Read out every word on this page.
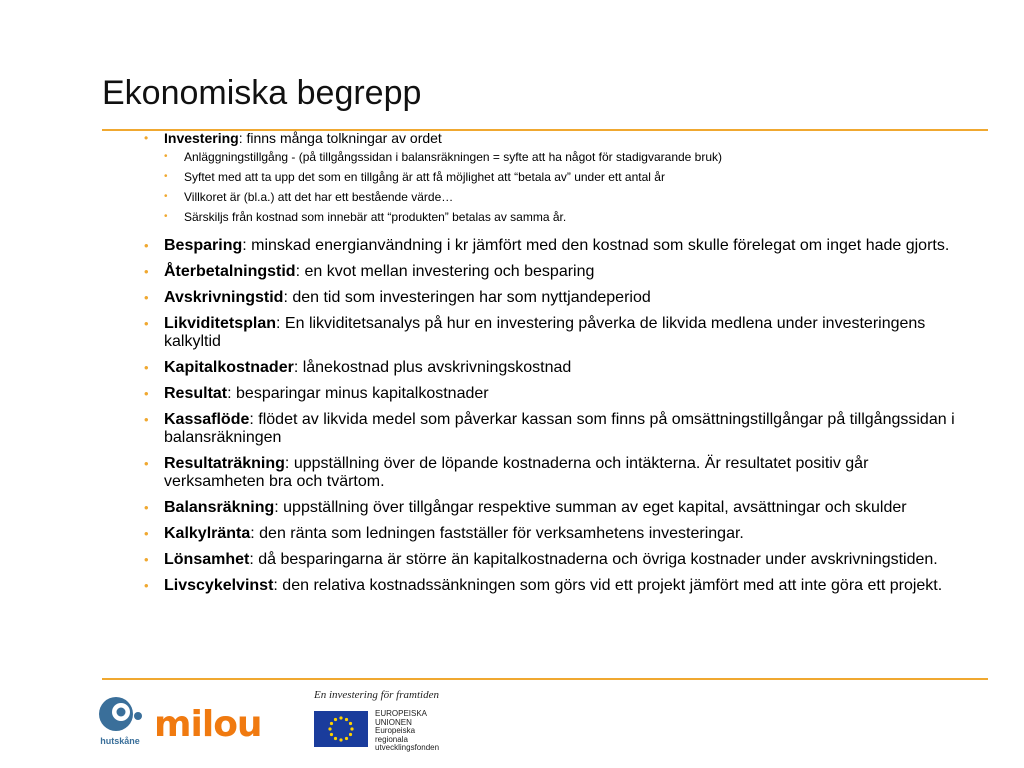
Ekonomiska begrepp
• Investering: finns många tolkningar av ordet
• Anläggningstillgång - (på tillgångssidan i balansräkningen = syfte att ha något för stadigvarande bruk)
• Syftet med att ta upp det som en tillgång är att få möjlighet att “betala av” under ett antal år
• Villkoret är (bl.a.) att det har ett bestående värde…
• Särskiljs från kostnad som innebär att “produkten” betalas av samma år.
• Besparing: minskad energianvändning i kr jämfört med den kostnad som skulle förelegat om inget hade gjorts.
• Återbetalningstid: en kvot mellan investering och besparing
• Avskrivningstid: den tid som investeringen har som nyttjandeperiod
• Likviditetsplan: En likviditetsanalys på hur en investering påverka de likvida medlena under investeringens kalkyltid
• Kapitalkostnader: lånekostnad plus avskrivningskostnad
• Resultat: besparingar minus kapitalkostnader
• Kassaflöde: flödet av likvida medel som påverkar kassan som finns på omsättningstillgångar på tillgångssidan i balansräkningen
• Resultaträkning: uppställning över de löpande kostnaderna och intäkterna. Är resultatet positiv går verksamheten bra och tvärtom.
• Balansräkning: uppställning över tillgångar respektive summan av eget kapital, avsättningar och skulder
• Kalkylränta: den ränta som ledningen fastställer för verksamhetens investeringar.
• Lönsamhet: då besparingarna är större än kapitalkostnaderna och övriga kostnader under avskrivningstiden.
• Livscykelvinst: den relativa kostnadssänkningen som görs vid ett projekt jämfört med att inte göra ett projekt.
hutskåne milou
En investering för framtiden
EUROPEISKA
UNIONEN
Europeiska
regionala
utvecklingsfonden
